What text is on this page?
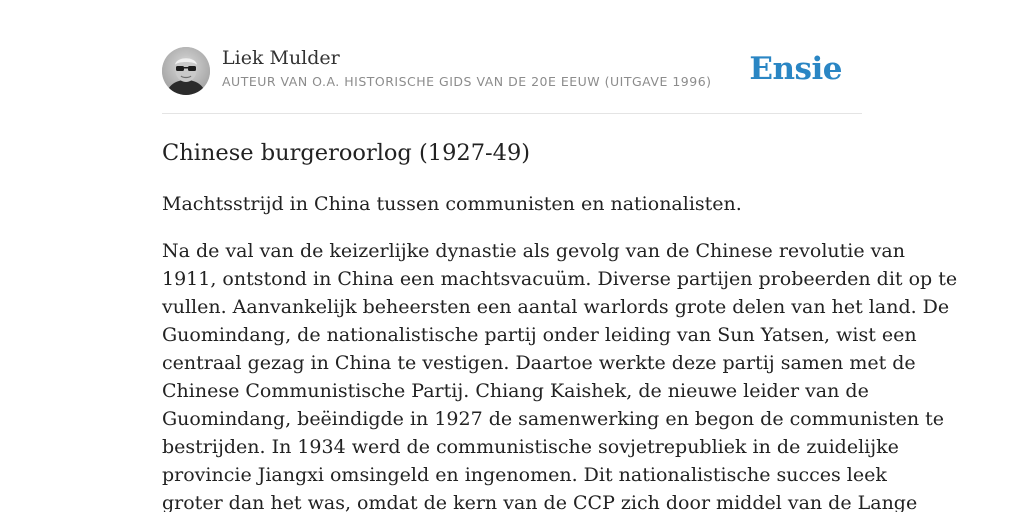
Liek Mulder
AUTEUR VAN O.A. HISTORISCHE GIDS VAN DE 20E EEUW (UITGAVE 1996) Ensie
Chinese burgeroorlog (1927-49)

Machtsstrijd in China tussen communisten en nationalisten.

Na de val van de keizerlijke dynastie als gevolg van de Chinese revolutie van
1911, ontstond in China een machtsvacuüm. Diverse partijen probeerden dit op te
vullen. Aanvankelijk beheersten een aantal warlords grote delen van het land. De
Guomindang, de nationalistische partij onder leiding van Sun Yatsen, wist een
centraal gezag in China te vestigen. Daartoe werkte deze partij samen met de
Chinese Communistische Partij. Chiang Kaishek, de nieuwe leider van de
Guomindang, beëindigde in 1927 de samenwerking en begon de communisten te
bestrijden. In 1934 werd de communistische sovjetrepubliek in de zuidelijke
provincie Jiangxi omsingeld en ingenomen. Dit nationalistische succes leek
groter dan het was, omdat de kern van de CCP zich door middel van de Lange
